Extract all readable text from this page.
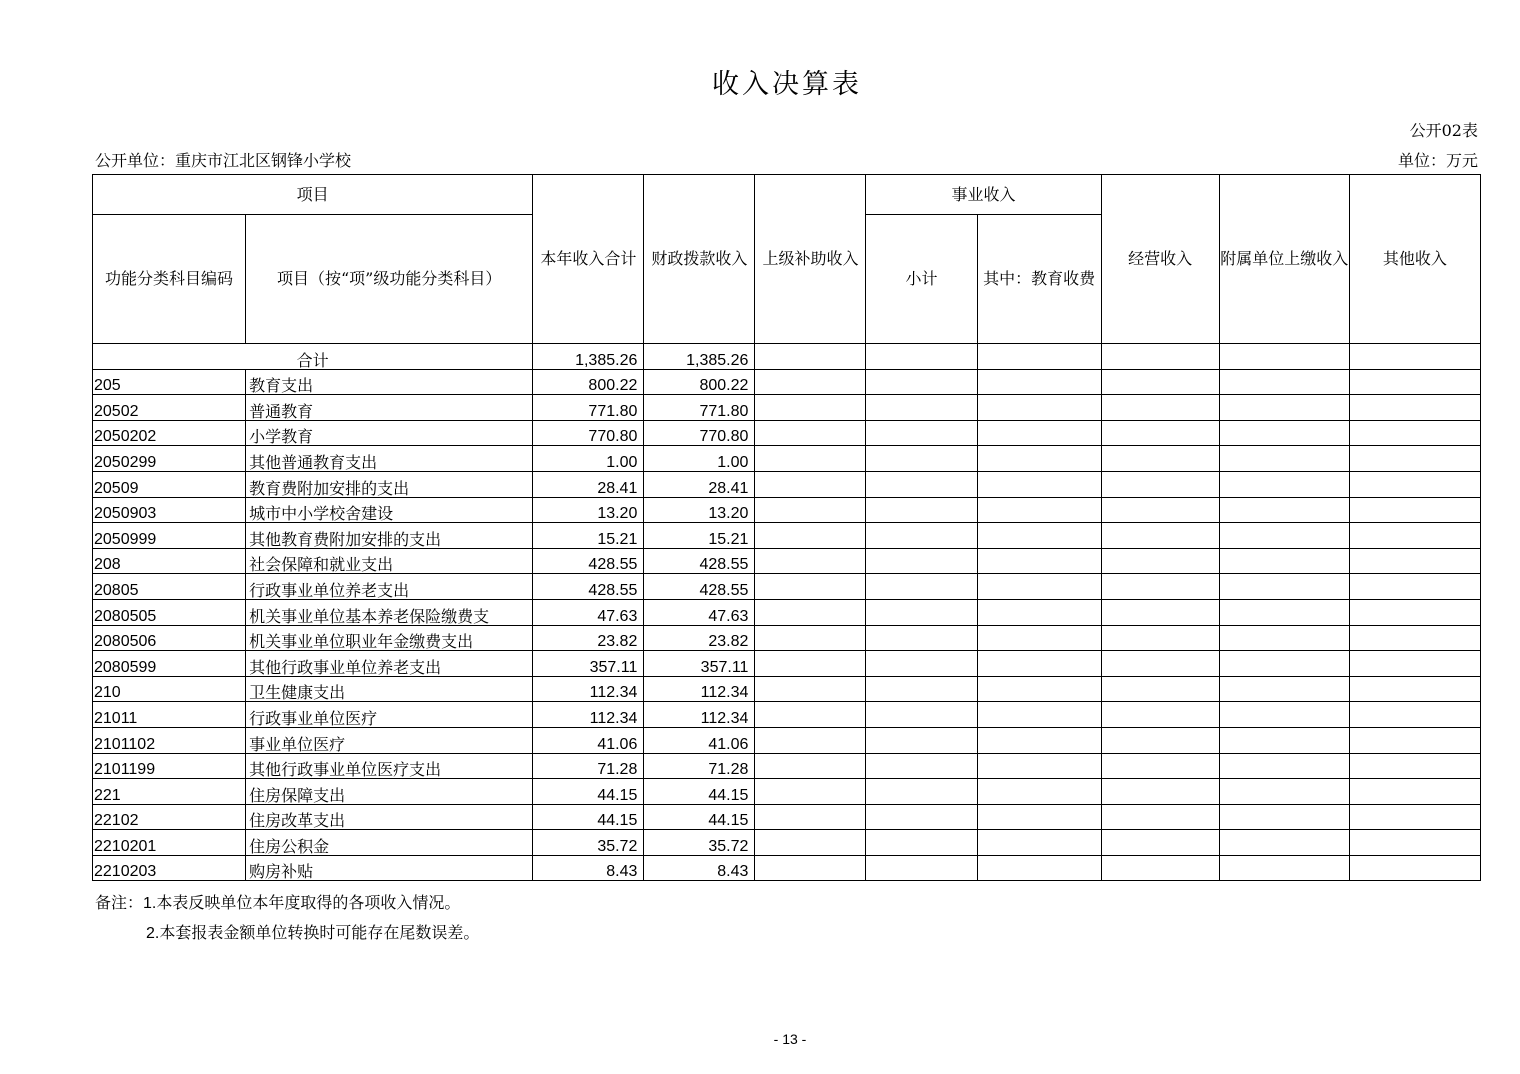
收入决算表
公开02表
公开单位：重庆市江北区钢锋小学校	单位：万元
项目		本年收入合计	财政拨款收入	上级补助收入	事业收入		经营收入	附属单位上缴收入	其他收入
功能分类科目编码	项目（按“项”级功能分类科目）				小计	其中：教育收费			

合计		1,385.26	1,385.26						

205	教育支出	800.22	800.22						

20502	普通教育	771.80	771.80						

2050202	小学教育	770.80	770.80						

2050299	其他普通教育支出	1.00	1.00						

20509	教育费附加安排的支出	28.41	28.41						

2050903	城市中小学校舍建设	13.20	13.20						

2050999	其他教育费附加安排的支出	15.21	15.21						

208	社会保障和就业支出	428.55	428.55						

20805	行政事业单位养老支出	428.55	428.55						

2080505	机关事业单位基本养老保险缴费支	47.63	47.63						

2080506	机关事业单位职业年金缴费支出	23.82	23.82						

2080599	其他行政事业单位养老支出	357.11	357.11						

210	卫生健康支出	112.34	112.34						

21011	行政事业单位医疗	112.34	112.34						

2101102	事业单位医疗	41.06	41.06						

2101199	其他行政事业单位医疗支出	71.28	71.28						

221	住房保障支出	44.15	44.15						

22102	住房改革支出	44.15	44.15						

2210201	住房公积金	35.72	35.72						

2210203	购房补贴	8.43	8.43						

备注：1.本表反映单位本年度取得的各项收入情况。
2.本套报表金额单位转换时可能存在尾数误差。
- 13 -
